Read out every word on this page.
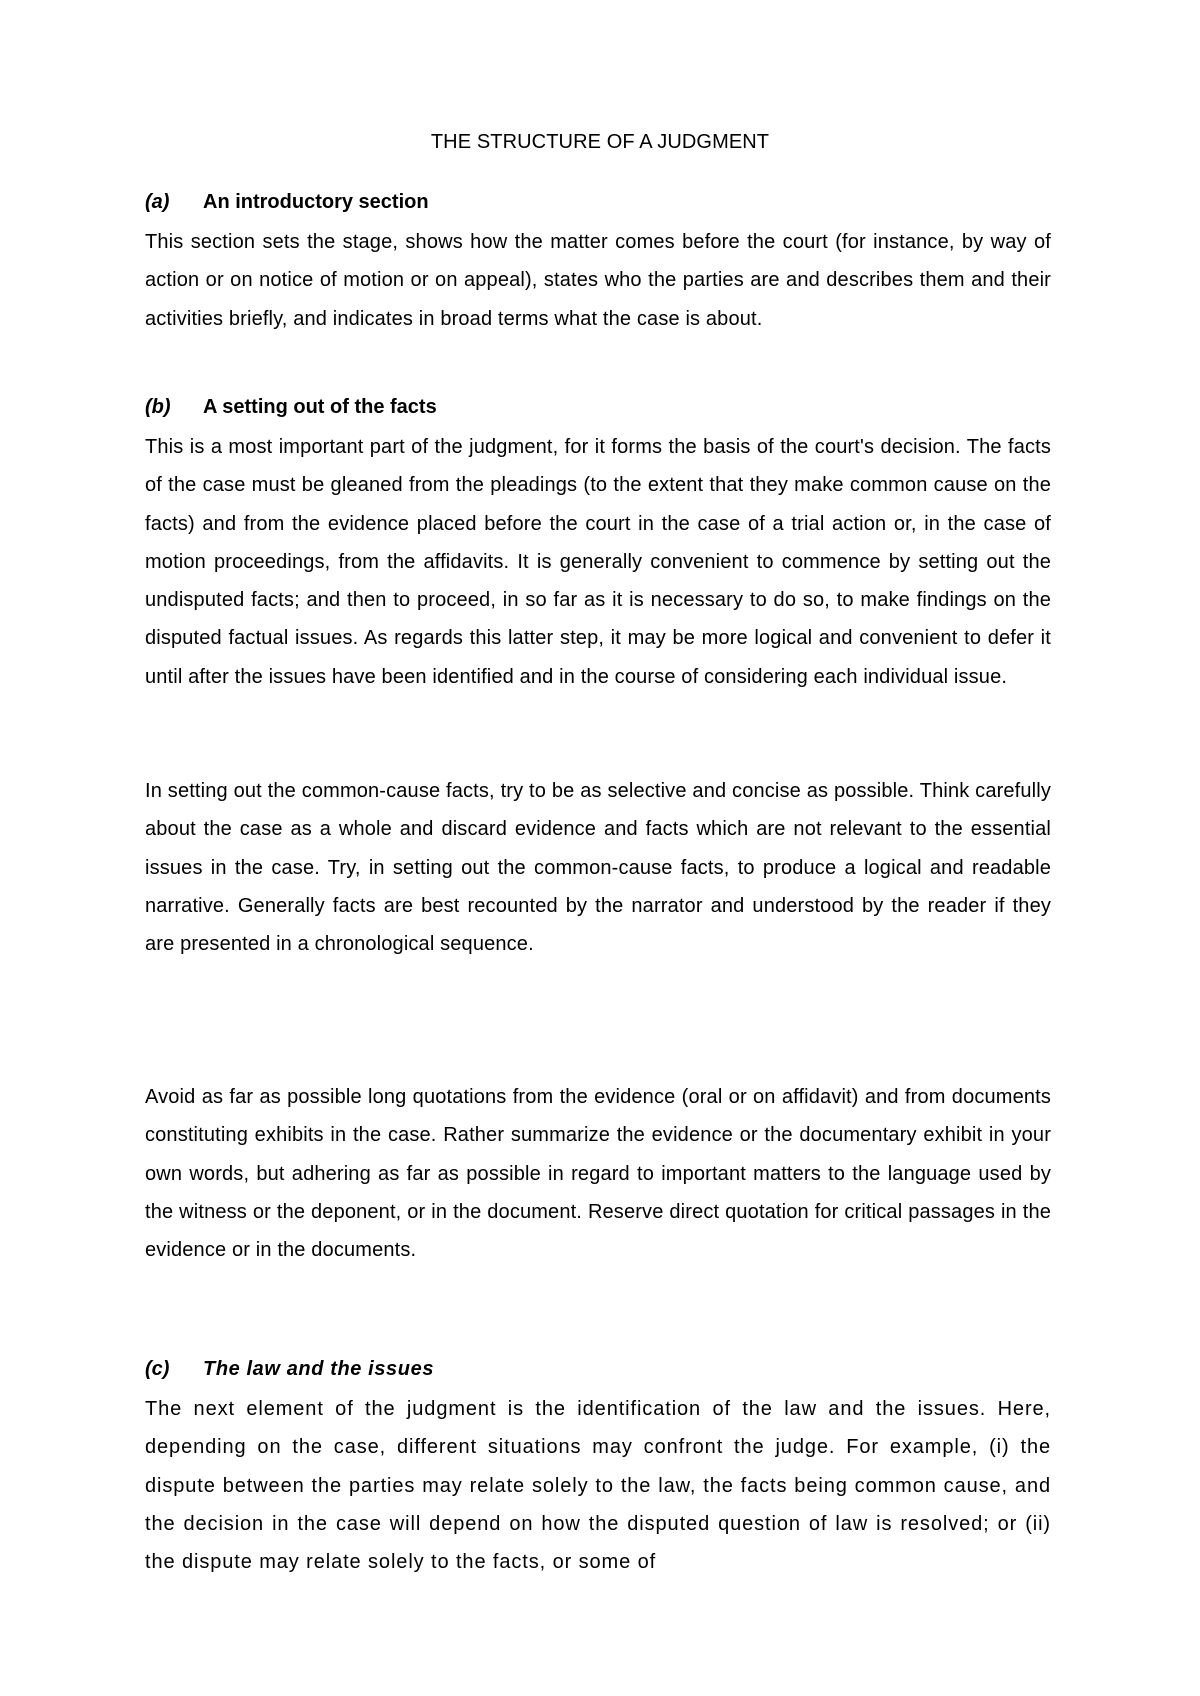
THE STRUCTURE OF A JUDGMENT
(a) An introductory section
This section sets the stage, shows how the matter comes before the court (for instance, by way of action or on notice of motion or on appeal), states who the parties are and describes them and their activities briefly, and indicates in broad terms what the case is about.
(b) A setting out of the facts
This is a most important part of the judgment, for it forms the basis of the court's decision. The facts of the case must be gleaned from the pleadings (to the extent that they make common cause on the facts) and from the evidence placed before the court in the case of a trial action or, in the case of motion proceedings, from the affidavits. It is generally convenient to commence by setting out the undisputed facts; and then to proceed, in so far as it is necessary to do so, to make findings on the disputed factual issues. As regards this latter step, it may be more logical and convenient to defer it until after the issues have been identified and in the course of considering each individual issue.
In setting out the common-cause facts, try to be as selective and concise as possible. Think carefully about the case as a whole and discard evidence and facts which are not relevant to the essential issues in the case. Try, in setting out the common-cause facts, to produce a logical and readable narrative. Generally facts are best recounted by the narrator and understood by the reader if they are presented in a chronological sequence.
Avoid as far as possible long quotations from the evidence (oral or on affidavit) and from documents constituting exhibits in the case. Rather summarize the evidence or the documentary exhibit in your own words, but adhering as far as possible in regard to important matters to the language used by the witness or the deponent, or in the document. Reserve direct quotation for critical passages in the evidence or in the documents.
(c) The law and the issues
The next element of the judgment is the identification of the law and the issues. Here, depending on the case, different situations may confront the judge. For example, (i) the dispute between the parties may relate solely to the law, the facts being common cause, and the decision in the case will depend on how the disputed question of law is resolved; or (ii) the dispute may relate solely to the facts, or some of
